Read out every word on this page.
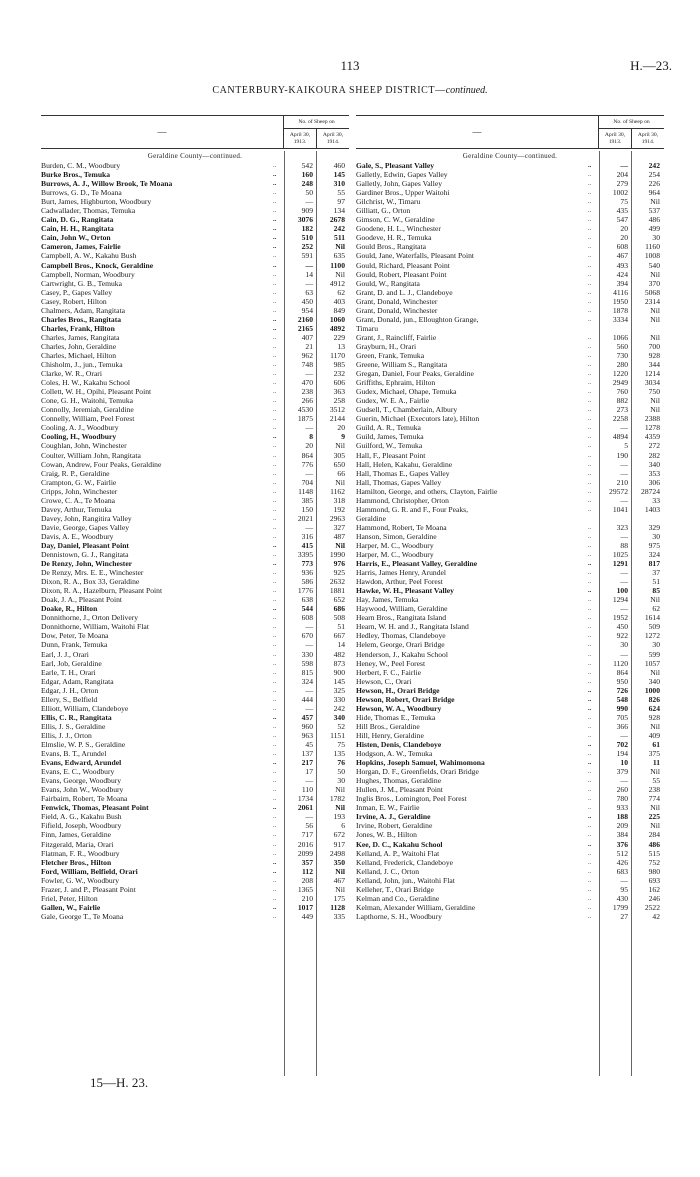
113	H.—23.
CANTERBURY-KAIKOURA SHEEP DISTRICT—continued.
—	No. of Sheep on	
	April 30, 1913.	April 30, 1914.
Geraldine County—continued.
Burden, C. M., Woodbury	..	542	460
Burke Bros., Temuka	..	160	145
Burrows, A. J., Willow Brook, Te Moana	..	248	310
Burrows, G. D., Te Moana	..	50	55
Burt, James, Highburton, Woodbury	..	—	97
Cadwallader, Thomas, Temuka	..	909	134
Cain, D. G., Rangitata	..	3076	2678
Cain, H. H., Rangitata	..	182	242
Cain, John W., Orton	..	510	511
Cameron, James, Fairlie	..	252	Nil
Campbell, A. W., Kakahu Bush	..	591	635
Campbell Bros., Knock, Geraldine	..	—	1100
Campbell, Norman, Woodbury	..	14	Nil
Cartwright, G. B., Temuka	..	—	4912
Casey, P., Gapes Valley	..	63	62
Casey, Robert, Hilton	..	450	403
Chalmers, Adam, Rangitata	..	954	849
Charles Bros., Rangitata	..	2160	1060
Charles, Frank, Hilton	..	2165	4892
Charles, James, Rangitata	..	407	229
Charles, John, Geraldine	..	21	13
Charles, Michael, Hilton	..	962	1170
Chisholm, J., jun., Temuka	..	748	985
Clarke, W. R., Orari	..	—	232
Coles, H. W., Kakahu School	..	470	606
Collett, W. H., Opihi, Pleasant Point	..	238	363
Cone, G. H., Waitohi, Temuka	..	266	258
Connolly, Jeremiah, Geraldine	..	4530	3512
Connelly, William, Peel Forest	..	1875	2144
Cooling, A. J., Woodbury	..	—	20
Cooling, H., Woodbury	..	8	9
Coughlan, John, Winchester	..	20	Nil
Coulter, William John, Rangitata	..	864	305
Cowan, Andrew, Four Peaks, Geraldine	..	776	650
Craig, R. P., Geraldine	..	—	66
Crampton, G. W., Fairlie	..	704	Nil
Cripps, John, Winchester	..	1148	1162
Crowe, C. A., Te Moana	..	385	318
Davey, Arthur, Temuka	..	150	192
Davey, John, Rangitira Valley	..	2021	2963
Davie, George, Gapes Valley	..	—	327
Davis, A. E., Woodbury	..	316	487
Day, Daniel, Pleasant Point	..	415	Nil
Dennistown, G. J., Rangitata	..	3395	1990
De Renzy, John, Winchester	..	773	976
De Renzy, Mrs. E. E., Winchester	..	936	925
Dixon, R. A., Box 33, Geraldine	..	586	2632
Dixon, R. A., Hazelburn, Pleasant Point	..	1776	1881
Doak, J. A., Pleasant Point	..	638	652
Doake, R., Hilton	..	544	686
Donnithorne, J., Orton Delivery	..	608	508
Donnithorne, William, Waitohi Flat	..	—	51
Dow, Peter, Te Moana	..	670	667
Dunn, Frank, Temuka	..	—	14
Earl, J. J., Orari	..	330	482
Earl, Job, Geraldine	..	598	873
Earle, T. H., Orari	..	815	900
Edgar, Adam, Rangitata	..	324	145
Edgar, J. H., Orton	..	—	325
Ellery, S., Belfield	..	444	330
Elliott, William, Clandeboye	..	—	242
Ellis, C. R., Rangitata	..	457	340
Ellis, J. S., Geraldine	..	960	52
Ellis, J. J., Orton	..	963	1151
Elmslie, W. P. S., Geraldine	..	45	75
Evans, B. T., Arundel	..	137	135
Evans, Edward, Arundel	..	217	76
Evans, E. C., Woodbury	..	17	50
Evans, George, Woodbury	..	—	30
Evans, John W., Woodbury	..	110	Nil
Fairbairn, Robert, Te Moana	..	1734	1782
Fenwick, Thomas, Pleasant Point	..	2061	Nil
Field, A. G., Kakahu Bush	..	—	193
Fifield, Joseph, Woodbury	..	56	6
Finn, James, Geraldine	..	717	672
Fitzgerald, Maria, Orari	..	2016	917
Flatman, F. R., Woodbury	..	2099	2498
Fletcher Bros., Hilton	..	357	350
Ford, William, Belfield, Orari	..	112	Nil
Fowler, G. W., Woodbury	..	208	467
Frazer, J. and P., Pleasant Point	..	1365	Nil
Friel, Peter, Hilton	..	210	175
Gallen, W., Fairlie	..	1017	1128
Gale, George T., Te Moana	..	449	335
—	No. of Sheep on	
	April 30, 1913.	April 30, 1914.
Geraldine County—continued.
Gale, S., Pleasant Valley	..	—	242
Galletly, Edwin, Gapes Valley	..	204	254
Galletly, John, Gapes Valley	..	279	226
Gardiner Bros., Upper Waitohi	..	1002	964
Gilchrist, W., Timaru	..	75	Nil
Gilliatt, G., Orton	..	435	537
Gimson, C. W., Geraldine	..	547	486
Goodene, H. L., Winchester	..	20	499
Goodeve, H. R., Temuka	..	20	30
Gould Bros., Rangitata	..	608	1160
Gould, Jane, Waterfalls, Pleasant Point	..	467	1008
Gould, Richard, Pleasant Point	..	493	540
Gould, Robert, Pleasant Point	..	424	Nil
Gould, W., Rangitata	..	394	370
Grant, D. and L. J., Clandeboye	..	4116	5068
Grant, Donald, Winchester	..	1950	2314
Grant, Donald, Winchester	..	1878	Nil
Grant, Donald, jun., Elloughton Grange,	..	3334	Nil
Timaru
Grant, J., Raincliff, Fairlie	..	1066	Nil
Grayburn, H., Orari	..	560	700
Green, Frank, Temuka	..	730	928
Greene, William S., Rangitata	..	280	344
Gregan, Daniel, Four Peaks, Geraldine	..	1220	1214
Griffiths, Ephraim, Hilton	..	2949	3034
Gudex, Michael, Ohape, Temuka	..	760	750
Gudex, W. E. A., Fairlie	..	882	Nil
Gudsell, T., Chamberlain, Albury	..	273	Nil
Guerin, Michael (Executors late), Hilton	..	2258	2388
Guild, A. R., Temuka	..	—	1278
Guild, James, Temuka	..	4894	4359
Guilford, W., Temuka	..	5	272
Hall, F., Pleasant Point	..	190	282
Hall, Helen, Kakahu, Geraldine	..	—	340
Hall, Thomas E., Gapes Valley	..	—	353
Hall, Thomas, Gapes Valley	..	210	306
Hamilton, George, and others, Clayton, Fairlie	..	29572	28724
Hammond, Christopher, Orton	..	—	33
Hammond, G. R. and F., Four Peaks,	..	1041	1403
Geraldine
Hammond, Robert, Te Moana	..	323	329
Hanson, Simon, Geraldine	..	—	30
Harper, M. C., Woodbury	..	88	975
Harper, M. C., Woodbury	..	1025	324
Harris, E., Pleasant Valley, Geraldine	..	1291	817
Harris, James Henry, Arundel	..	—	37
Hawdon, Arthur, Peel Forest	..	—	51
Hawke, W. H., Pleasant Valley	..	100	85
Hay, James, Temuka	..	1294	Nil
Haywood, William, Geraldine	..	—	62
Hearn Bros., Rangitata Island	..	1952	1614
Hearn, W. H. and J., Rangitata Island	..	450	509
Hedley, Thomas, Clandeboye	..	922	1272
Helem, George, Orari Bridge	..	30	30
Henderson, J., Kakahu School	..	—	599
Heney, W., Peel Forest	..	1120	1057
Herbert, F. C., Fairlie	..	864	Nil
Hewson, C., Orari	..	950	340
Hewson, H., Orari Bridge	..	726	1000
Hewson, Robert, Orari Bridge	..	548	826
Hewson, W. A., Woodbury	..	990	624
Hide, Thomas E., Temuka	..	705	928
Hill Bros., Geraldine	..	366	Nil
Hill, Henry, Geraldine	..	—	409
Histen, Denis, Clandeboye	..	702	61
Hodgson, A. W., Temuka	..	194	375
Hopkins, Joseph Samuel, Wahimomona	..	10	11
Horgan, D. F., Greenfields, Orari Bridge	..	379	Nil
Hughes, Thomas, Geraldine	..	—	55
Hullen, J. M., Pleasant Point	..	260	238
Inglis Bros., Lomington, Peel Forest	..	780	774
Inman, E. W., Fairlie	..	933	Nil
Irvine, A. J., Geraldine	..	188	225
Irvine, Robert, Geraldine	..	209	Nil
Jones, W. B., Hilton	..	384	284
Kee, D. C., Kakahu School	..	376	486
Kelland, A. P., Waitohi Flat	..	512	515
Kelland, Frederick, Clandeboye	..	426	752
Kelland, J. C., Orton	..	683	980
Kelland, John, jun., Waitohi Flat	..	—	693
Kelleher, T., Orari Bridge	..	95	162
Kelman and Co., Geraldine	..	430	246
Kelman, Alexander William, Geraldine	..	1799	2522
Lapthorne, S. H., Woodbury	..	27	42
15—H. 23.
